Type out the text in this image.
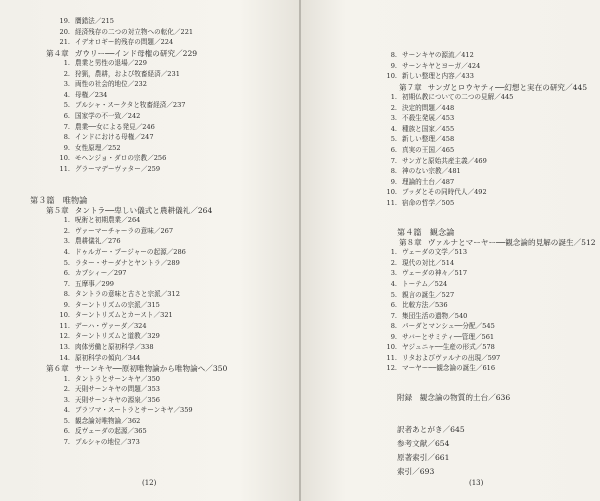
19. 贋錯法／215
20. 経済残存の二つの対立物への転化／221
21. イデオロギー的残存の問題／224
第４章 ガウリー──インド母権の研究／229
1. 農業と男性の退場／229
2. 狩猟，農耕，および牧畜経済／231
3. 両性の社会的地位／232
4. 母権／234
5. ブルシャ・スークタと牧畜経済／237
6. 国家学の不一致／242
7. 農業──女による発見／246
8. インドにおける母権／247
9. 女性原理／252
10. モヘンジョ・ダロの宗教／256
11. グラーマデーヴァター／259
第３篇　唯物論
第５章 タントラ──卑しい儀式と農耕儀礼／264
1. 呪術と初期農業／264
2. ヴァーマーチャーラの意味／267
3. 農耕儀礼／276
4. ドゥルガー・プージャーの起源／286
5. ラター・サーダナとヤントラ／289
6. カプシィー／297
7. 五摩事／299
8. タントラの意味と古さと宗派／312
9. ターントリズムの宗派／315
10. ターントリズムとカースト／321
11. デーハ・ヴァーダ／324
12. ターントリズムと道教／329
13. 肉体労働と原初科学／338
14. 原初科学の傾向／344
第６章 サーンキヤ──原初唯物論から唯物論へ／350
1. タントラとサーンキヤ／350
2. 天則サーンキヤの問題／353
3. 天則サーンキヤの源泉／356
4. ブラフマ・スートラとサーンキヤ／359
5. 観念論対唯物論／362
6. 反ヴェーダの起源／365
7. プルシャの地位／373
(12)
8. サーンキヤの源流／412
9. サーンキヤとヨーガ／424
10. 新しい整理と内容／433
第７章 サンガとロウヤティ──幻想と実在の研究／445
1. 初期仏教についての二つの見解／445
2. 決定的問題／448
3. 不殺生発展／453
4. 種族と国家／455
5. 新しい整理／458
6. 真実の王国／465
7. サンガと原始共産主義／469
8. 神のない宗教／481
9. 理論的土台／487
10. ブッダとその同時代人／492
11. 宿命の哲学／505
第４篇　観念論
第８章 ヴァルナとマーヤー──観念論的見解の誕生／512
1. ヴェーダの文学／513
2. 現代の対比／514
3. ヴェーダの神々／517
4. トーテム／524
5. 親言の誕生／527
6. 比較方法／536
7. 集団生活の遺物／540
8. パーダとマンシュ──分配／545
9. サバーとサミティ──管理／561
10. ヤジュニャ──生産の形式／578
11. リタおよびヴァルナの出現／597
12. マーヤー──観念論の誕生／616
附録　観念論の物質的土台／636
訳者あとがき／645
参考文献／654
原著索引／661
索引／693
(13)
